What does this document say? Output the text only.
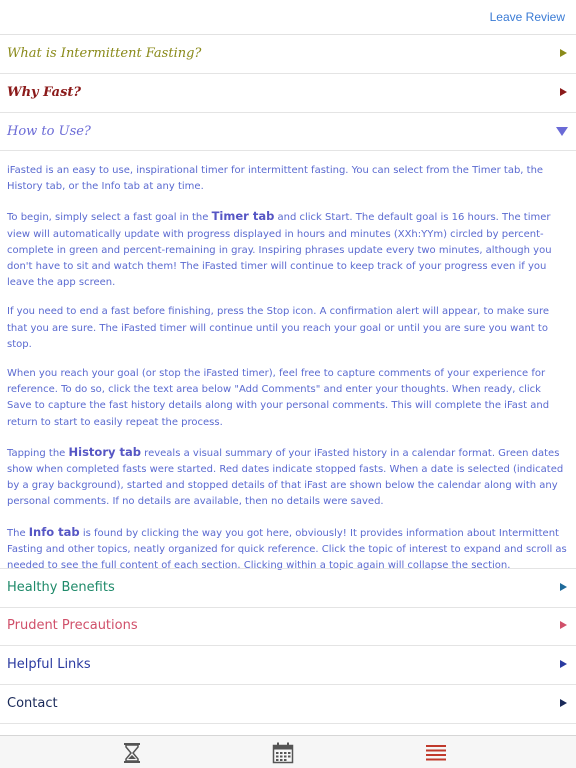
Leave Review
What is Intermittent Fasting?
Why Fast?
How to Use?

iFasted is an easy to use, inspirational timer for intermittent fasting. You can select from the Timer tab, the History tab, or the Info tab at any time.

To begin, simply select a fast goal in the Timer tab and click Start. The default goal is 16 hours. The timer view will automatically update with progress displayed in hours and minutes (XXh:YYm) circled by percent-complete in green and percent-remaining in gray. Inspiring phrases update every two minutes, although you don't have to sit and watch them! The iFasted timer will continue to keep track of your progress even if you leave the app screen.

If you need to end a fast before finishing, press the Stop icon. A confirmation alert will appear, to make sure that you are sure. The iFasted timer will continue until you reach your goal or until you are sure you want to stop.

When you reach your goal (or stop the iFasted timer), feel free to capture comments of your experience for reference. To do so, click the text area below "Add Comments" and enter your thoughts. When ready, click Save to capture the fast history details along with your personal comments. This will complete the iFast and return to start to easily repeat the process.

Tapping the History tab reveals a visual summary of your iFasted history in a calendar format. Green dates show when completed fasts were started. Red dates indicate stopped fasts. When a date is selected (indicated by a gray background), started and stopped details of that iFast are shown below the calendar along with any personal comments. If no details are available, then no details were saved.

The Info tab is found by clicking the way you got here, obviously! It provides information about Intermittent Fasting and other topics, neatly organized for quick reference. Click the topic of interest to expand and scroll as needed to see the full content of each section. Clicking within a topic again will collapse the section.

Healthy Benefits
Prudent Precautions
Helpful Links
Contact
